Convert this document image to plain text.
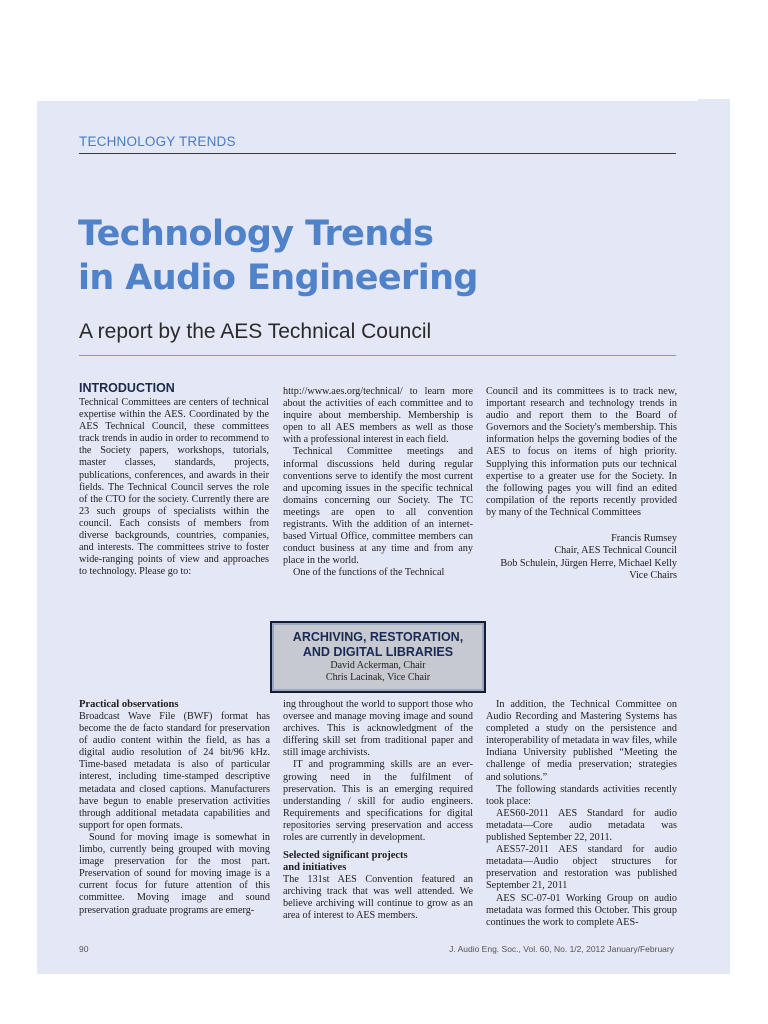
TECHNOLOGY TRENDS
Technology Trends
in Audio Engineering
A report by the AES Technical Council
INTRODUCTION

Technical Committees are centers of technical expertise within the AES. Coordinated by the AES Technical Council, these committees track trends in audio in order to recommend to the Society papers, workshops, tutorials, master classes, standards, projects, publications, conferences, and awards in their fields. The Technical Council serves the role of the CTO for the society. Currently there are 23 such groups of specialists within the council. Each consists of members from diverse backgrounds, countries, companies, and interests. The committees strive to foster wide-ranging points of view and approaches to technology. Please go to:

http://www.aes.org/technical/ to learn more about the activities of each committee and to inquire about membership. Membership is open to all AES members as well as those with a professional interest in each field.

Technical Committee meetings and informal discussions held during regular conventions serve to identify the most current and upcoming issues in the specific technical domains concerning our Society. The TC meetings are open to all convention registrants. With the addition of an internet-based Virtual Office, committee members can conduct business at any time and from any place in the world.

One of the functions of the Technical

Council and its committees is to track new, important research and technology trends in audio and report them to the Board of Governors and the Society's membership. This information helps the governing bodies of the AES to focus on items of high priority. Supplying this information puts our technical expertise to a greater use for the Society. In the following pages you will find an edited compilation of the reports recently provided by many of the Technical Committees

Francis Rumsey
Chair, AES Technical Council
Bob Schulein, Jürgen Herre, Michael Kelly
Vice Chairs
ARCHIVING, RESTORATION,
AND DIGITAL LIBRARIES
David Ackerman, Chair
Chris Lacinak, Vice Chair
Practical observations

Broadcast Wave File (BWF) format has become the de facto standard for preservation of audio content within the field, as has a digital audio resolution of 24 bit/96 kHz. Time-based metadata is also of particular interest, including time-stamped descriptive metadata and closed captions. Manufacturers have begun to enable preservation activities through additional metadata capabilities and support for open formats.

Sound for moving image is somewhat in limbo, currently being grouped with moving image preservation for the most part. Preservation of sound for moving image is a current focus for future attention of this committee. Moving image and sound preservation graduate programs are emerg-

ing throughout the world to support those who oversee and manage moving image and sound archives. This is acknowledgment of the differing skill set from traditional paper and still image archivists.

IT and programming skills are an ever-growing need in the fulfilment of preservation. This is an emerging required understanding / skill for audio engineers. Requirements and specifications for digital repositories serving preservation and access roles are currently in development.

Selected significant projects
and initiatives

The 131st AES Convention featured an archiving track that was well attended. We believe archiving will continue to grow as an area of interest to AES members.

In addition, the Technical Committee on Audio Recording and Mastering Systems has completed a study on the persistence and interoperability of metadata in wav files, while Indiana University published “Meeting the challenge of media preservation; strategies and solutions.”

The following standards activities recently took place:

AES60-2011 AES Standard for audio metadata—Core audio metadata was published September 22, 2011.

AES57-2011 AES standard for audio metadata—Audio object structures for preservation and restoration was published September 21, 2011

AES SC-07-01 Working Group on audio metadata was formed this October. This group continues the work to complete AES-

90	J. Audio Eng. Soc., Vol. 60, No. 1/2, 2012 January/February
